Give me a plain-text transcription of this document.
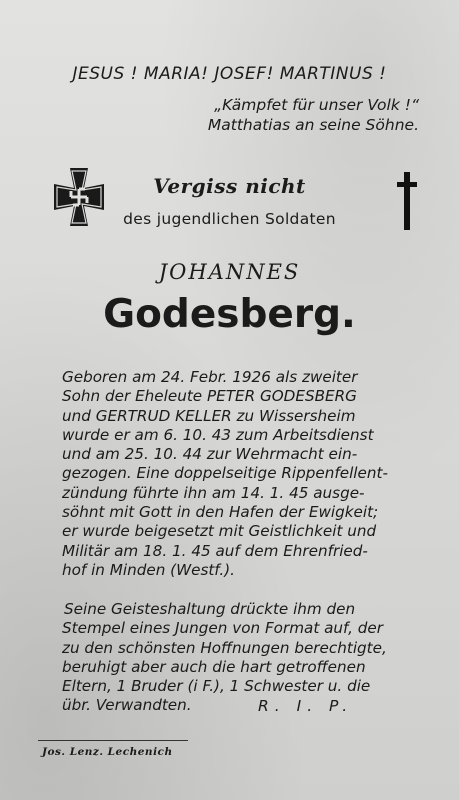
JESUS ! MARIA! JOSEF! MARTINUS !
„Kämpfet für unser Volk !“
Matthatias an seine Söhne.
Vergiss nicht
des jugendlichen Soldaten
JOHANNES
Godesberg.
Geboren am 24. Febr. 1926 als zweiter
Sohn der Eheleute PETER GODESBERG
und GERTRUD KELLER zu Wissersheim
wurde er am 6. 10. 43 zum Arbeitsdienst
und am 25. 10. 44 zur Wehrmacht ein-
gezogen. Eine doppelseitige Rippenfellent-
zündung führte ihn am 14. 1. 45 ausge-
söhnt mit Gott in den Hafen der Ewigkeit;
er wurde beigesetzt mit Geistlichkeit und
Militär am 18. 1. 45 auf dem Ehrenfried-
hof in Minden (Westf.).
Seine Geisteshaltung drückte ihm den
Stempel eines Jungen von Format auf, der
zu den schönsten Hoffnungen berechtigte,
beruhigt aber auch die hart getroffenen
Eltern, 1 Bruder (i F.), 1 Schwester u. die
übr. Verwandten.	R. I. P.
Jos. Lenz. Lechenich
